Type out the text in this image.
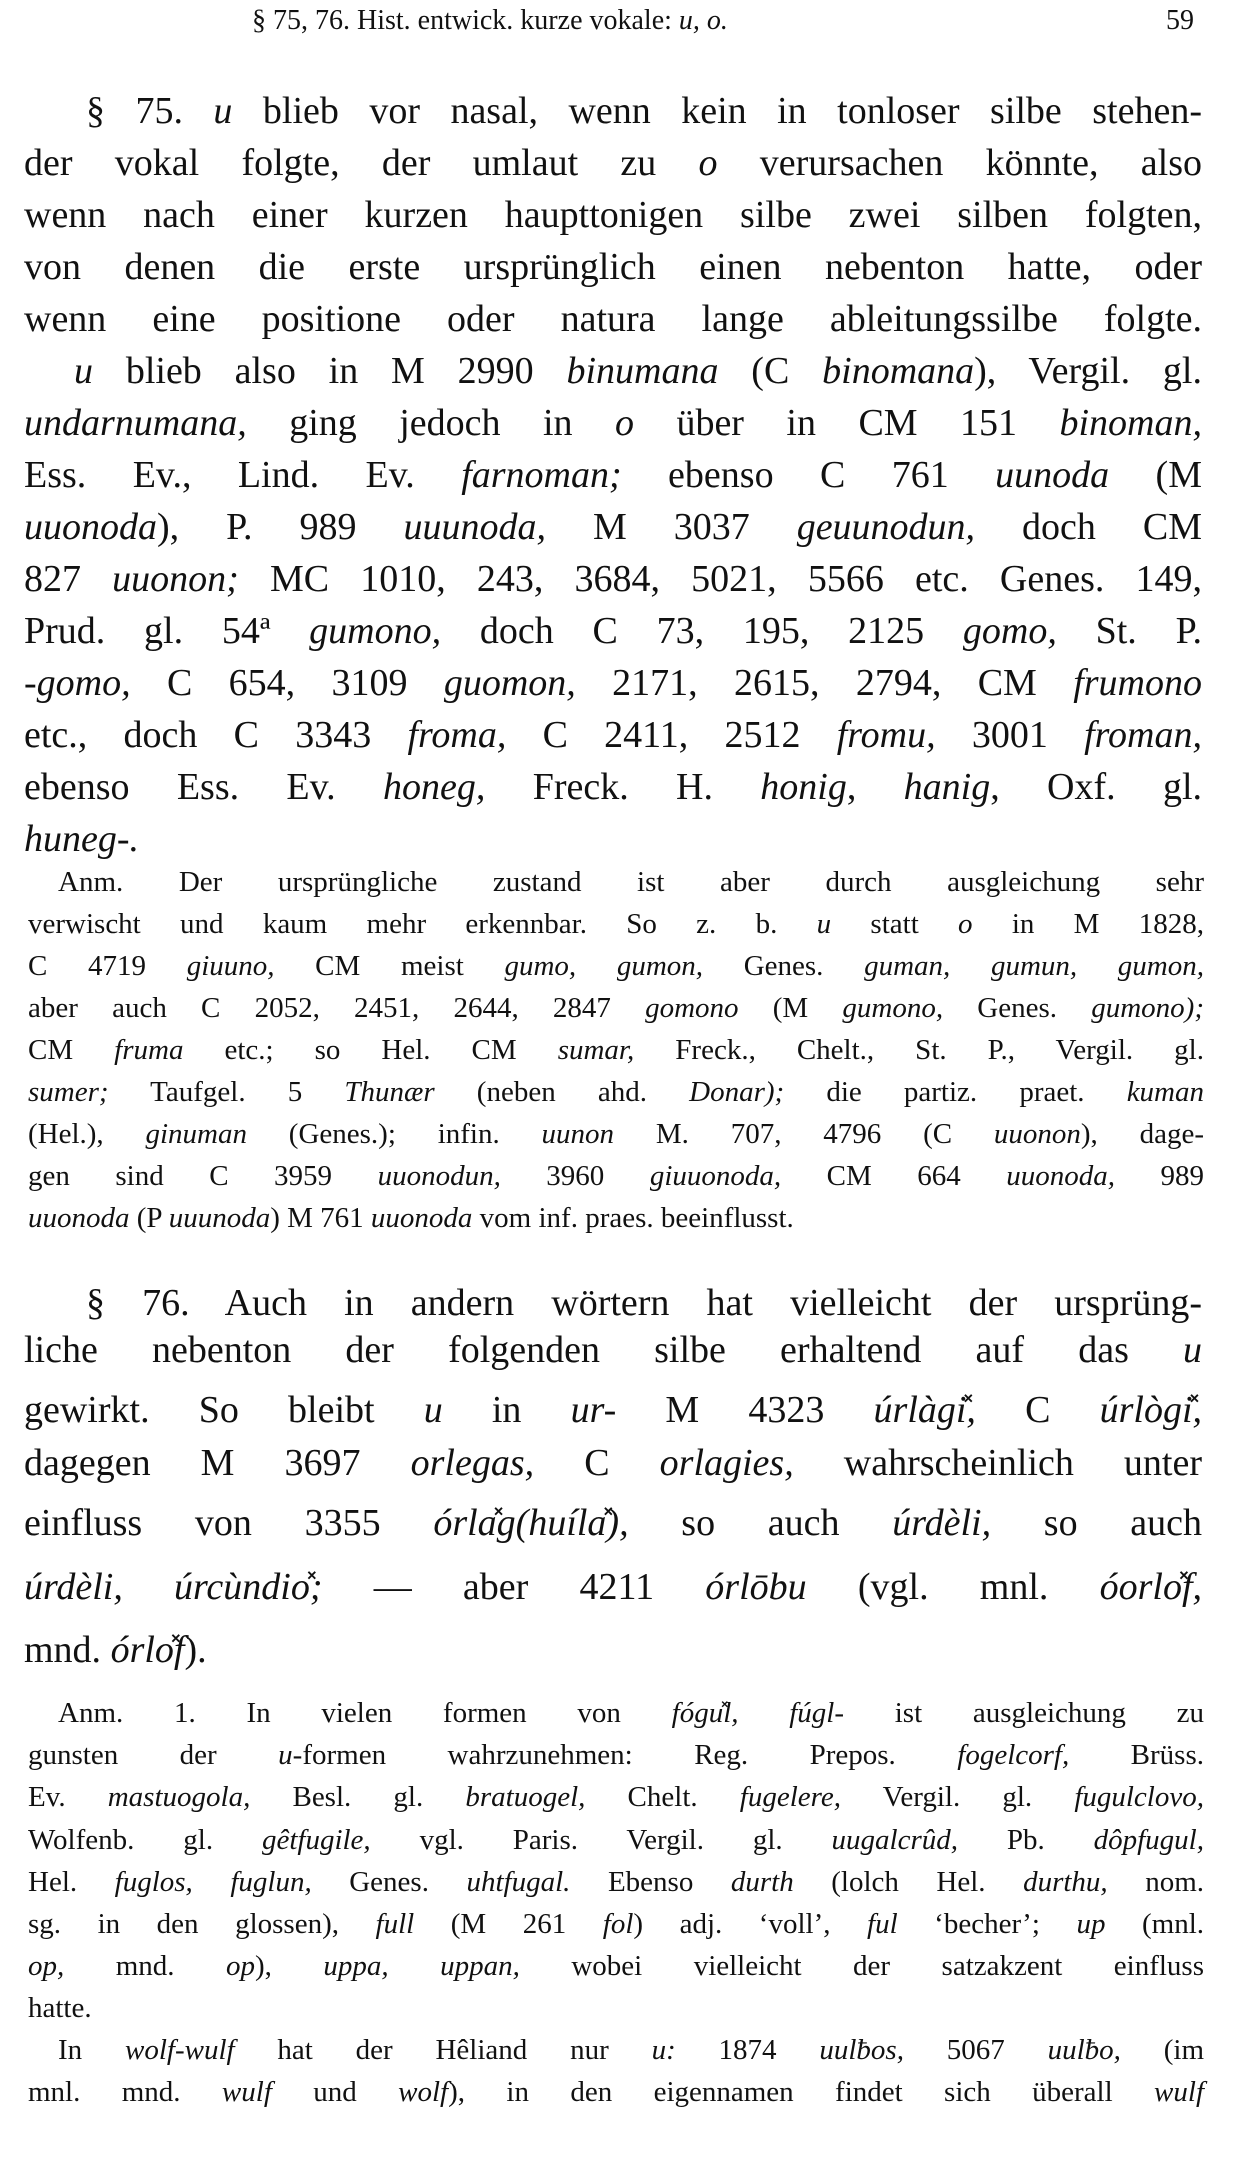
§ 75, 76. Hist. entwick. kurze vokale: u, o.	59
§ 75. u blieb vor nasal, wenn kein in tonloser silbe stehen-
der vokal folgte, der umlaut zu o verursachen könnte, also
wenn nach einer kurzen haupttonigen silbe zwei silben folgten,
von denen die erste ursprünglich einen nebenton hatte, oder
wenn eine positione oder natura lange ableitungssilbe folgte.
u blieb also in M 2990 binumana (C binomana), Vergil. gl.
undarnumana, ging jedoch in o über in CM 151 binoman,
Ess. Ev., Lind. Ev. farnoman; ebenso C 761 uunoda (M
uuonoda), P. 989 uuunoda, M 3037 geuunodun, doch CM
827 uuonon; MC 1010, 243, 3684, 5021, 5566 etc. Genes. 149,
Prud. gl. 54ª gumono, doch C 73, 195, 2125 gomo, St. P.
-gomo, C 654, 3109 guomon, 2171, 2615, 2794, CM frumono
etc., doch C 3343 froma, C 2411, 2512 fromu, 3001 froman,
ebenso Ess. Ev. honeg, Freck. H. honig, hanig, Oxf. gl.
huneg-.
Anm. Der ursprüngliche zustand ist aber durch ausgleichung sehr
verwischt und kaum mehr erkennbar. So z. b. u statt o in M 1828,
C 4719 giuuno, CM meist gumo, gumon, Genes. guman, gumun, gumon,
aber auch C 2052, 2451, 2644, 2847 gomono (M gumono, Genes. gumono);
CM fruma etc.; so Hel. CM sumar, Freck., Chelt., St. P., Vergil. gl.
sumer; Taufgel. 5 Thunær (neben ahd. Donar); die partiz. praet. kuman
(Hel.), ginuman (Genes.); infin. uunon M. 707, 4796 (C uuonon), dage-
gen sind C 3959 uuonodun, 3960 giuuonoda, CM 664 uuonoda, 989
uuonoda (P uuunoda) M 761 uuonoda vom inf. praes. beeinflusst.
§ 76. Auch in andern wörtern hat vielleicht der ursprüng-
liche nebenton der folgenden silbe erhaltend auf das u
gewirkt. So bleibt u in ur- M 4323 úrlàgi̽, C úrlògi̽,
dagegen M 3697 orlegas, C orlagies, wahrscheinlich unter
einfluss von 3355 órla̽g(huíla̽), so auch úrdèli, so auch
úrdèli, úrcùndio̽; — aber 4211 órlōbu (vgl. mnl. óorlo̽f,
mnd. órlo̽f).
Anm. 1. In vielen formen von fógu̽l, fúgl- ist ausgleichung zu
gunsten der u-formen wahrzunehmen: Reg. Prepos. fogelcorf, Brüss.
Ev. mastuogola, Besl. gl. bratuogel, Chelt. fugelere, Vergil. gl. fugulclovo,
Wolfenb. gl. gêtfugile, vgl. Paris. Vergil. gl. uugalcrûd, Pb. dôpfugul,
Hel. fuglos, fuglun, Genes. uhtfugal. Ebenso durth (lolch Hel. durthu, nom.
sg. in den glossen), full (M 261 fol) adj. ‘voll’, ful ‘becher’; up (mnl.
op, mnd. op), uppa, uppan, wobei vielleicht der satzakzent einfluss
hatte.
In wolf-wulf hat der Hêliand nur u: 1874 uulƀos, 5067 uulƀo, (im
mnl. mnd. wulf und wolf), in den eigennamen findet sich überall wulf
